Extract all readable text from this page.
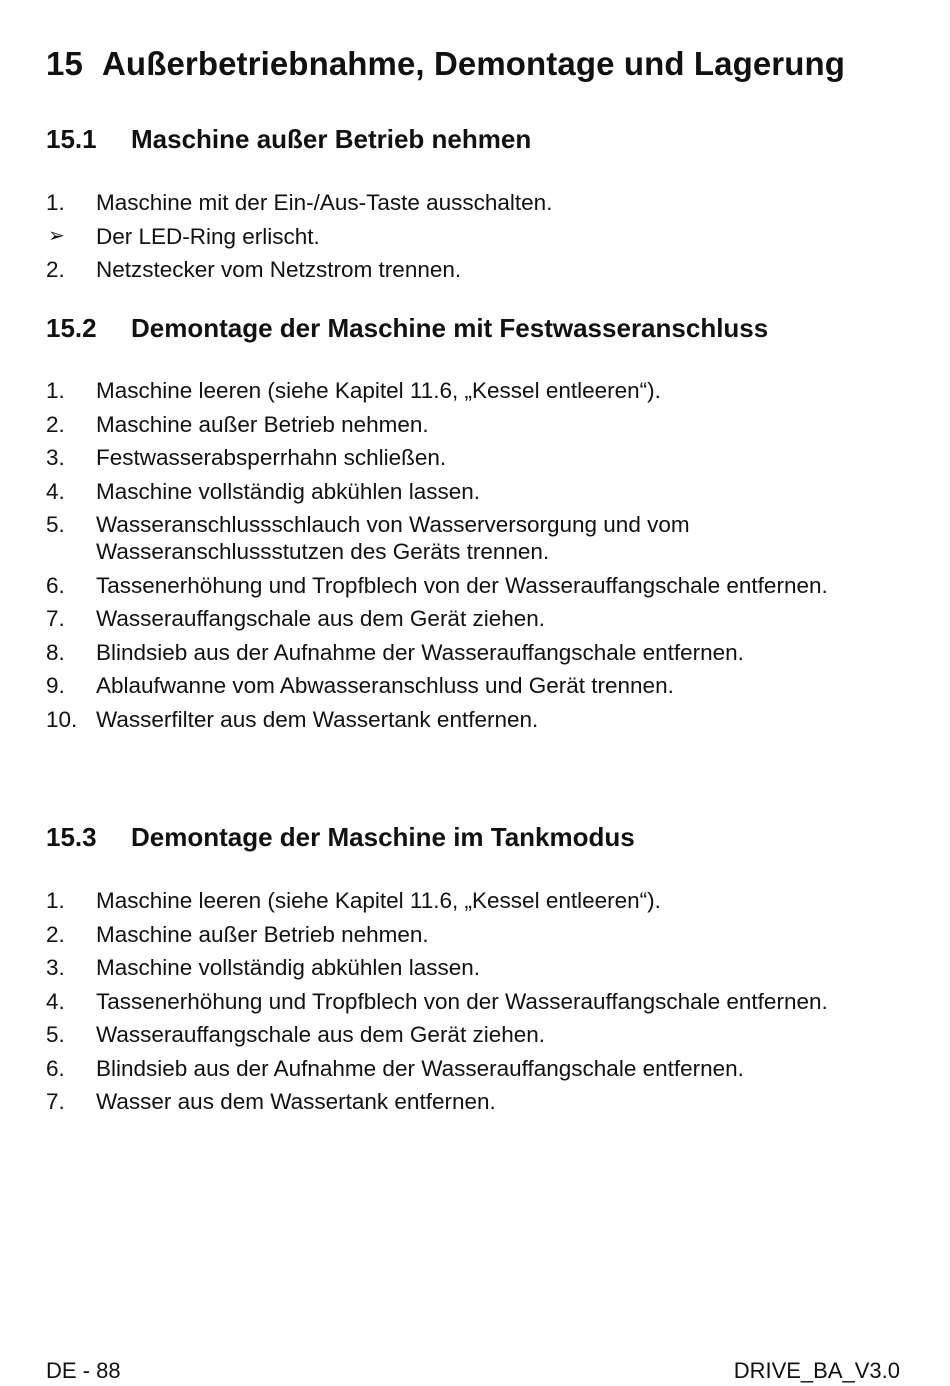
15 Außerbetriebnahme, Demontage und Lagerung
15.1 Maschine außer Betrieb nehmen
1.	Maschine mit der Ein-/Aus-Taste ausschalten.
➢	Der LED-Ring erlischt.
2.	Netzstecker vom Netzstrom trennen.
15.2 Demontage der Maschine mit Festwasseranschluss
1.	Maschine leeren (siehe Kapitel 11.6, „Kessel entleeren“).
2.	Maschine außer Betrieb nehmen.
3.	Festwasserabsperrhahn schließen.
4.	Maschine vollständig abkühlen lassen.
5.	Wasseranschlussschlauch von Wasserversorgung und vom Wasseranschlussstutzen des Geräts trennen.
6.	Tassenerhöhung und Tropfblech von der Wasserauffangschale entfernen.
7.	Wasserauffangschale aus dem Gerät ziehen.
8.	Blindsieb aus der Aufnahme der Wasserauffangschale entfernen.
9.	Ablaufwanne vom Abwasseranschluss und Gerät trennen.
10. Wasserfilter aus dem Wassertank entfernen.
15.3 Demontage der Maschine im Tankmodus
1.	Maschine leeren (siehe Kapitel 11.6, „Kessel entleeren“).
2.	Maschine außer Betrieb nehmen.
3.	Maschine vollständig abkühlen lassen.
4.	Tassenerhöhung und Tropfblech von der Wasserauffangschale entfernen.
5.	Wasserauffangschale aus dem Gerät ziehen.
6.	Blindsieb aus der Aufnahme der Wasserauffangschale entfernen.
7.	Wasser aus dem Wassertank entfernen.
DE - 88	DRIVE_BA_V3.0
